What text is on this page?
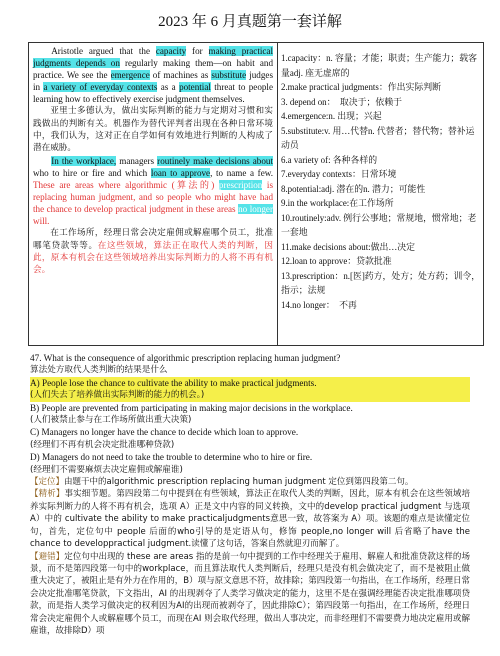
2023 年 6 月真题第一套详解

Aristotle argued that the capacity for making practical judgments depends on regularly making them—on habit and practice. We see the emergence of machines as substitute judges in a variety of everyday contexts as a potential threat to people learning how to effectively exercise judgment themselves.

亚里士多德认为，做出实际判断的能力与定期对习惯和实践做出的判断有关。机器作为替代评判者出现在各种日常环境中，我们认为，这对正在自学如何有效地进行判断的人构成了潜在威胁。

In the workplace, managers routinely make decisions about who to hire or fire and which loan to approve, to name a few. These are areas where algorithmic (算法的) prescription is replacing human judgment, and so people who might have had the chance to develop practical judgment in these areas no longer will.

在工作场所，经理日常会决定雇佣或解雇哪个员工，批准哪笔贷款等等。在这些领域，算法正在取代人类的判断，因此，原本有机会在这些领域培养出实际判断力的人将不再有机会。

1.capacity：n. 容量；才能；职责；生产能力；载客量adj. 座无虚席的
2.make practical judgments：作出实际判断
3. depend on：　取决于；依赖于
4.emergence:n. 出现；兴起
5.substitute:v. 用…代替n. 代替者；替代物；替补运动员
6.a variety of: 各种各样的
7.everyday contexts：日常环境
8.potential:adj. 潜在的n. 潜力；可能性
9.in the workplace:在工作场所
10.routinely:adv. 例行公事地；常规地，惯常地；老一套地
11.make decisions about:做出…决定
12.loan to approve：贷款批准
13.prescription：n.[医]药方，处方；处方药；训令，指示；法规
14.no longer：　不再
47. What is the consequence of algorithmic prescription replacing human judgment?
算法处方取代人类判断的结果是什么
A) People lose the chance to cultivate the ability to make practical judgments.
(人们失去了培养做出实际判断的能力的机会。)
B) People are prevented from participating in making major decisions in the workplace.
(人们被禁止参与在工作场所做出重大决策)
C) Managers no longer have the chance to decide which loan to approve.
(经理们不再有机会决定批准哪种贷款)
D) Managers do not need to take the trouble to determine who to hire or fire.
(经理们不需要麻烦去决定雇佣或解雇谁)
【定位】由题干中的algorithmic prescription replacing human judgment 定位到第四段第二句。
【精析】事实细节题。第四段第二句中提到在有些领域，算法正在取代人类的判断，因此，原本有机会在这些领域培养实际判断力的人将不再有机会，选项 A）正是文中内容的同义转换，文中的develop practical judgment 与选项A）中的 cultivate the ability to make practicaljudgments意思一致，故答案为 A）项。该题的难点是读懂定位句，首先，定位句中 people 后面的who引导的是定语从句，修饰 people,no longer will 后省略了have the chance to developpractical judgment.读懂了这句话，答案自然就迎刃而解了。
【避错】定位句中出现的 these are areas 指的是前一句中提到的工作中经理关于雇用、解雇人和批准贷款这样的场景，而不是第四段第一句中的workplace，而且算法取代人类判断后，经理只是没有机会做决定了，而不是被阻止做重大决定了，被阻止是有外力在作用的，B）项与原文意思不符，故排除；第四段第一句指出，在工作场所，经理日常会决定批准哪笔贷款，下文指出，AI 的出现剥夺了人类学习做决定的能力，这里不是在强调经理能否决定批准哪项贷款，而是指人类学习做决定的权利因为AI的出现而被剥夺了，因此排除C）；第四段第一句指出，在工作场所，经理日常会决定雇佣个人或解雇哪个员工，而现在AI 则会取代经理，做出人事决定，而非经理们不需要费力地决定雇用或解雇谁，故排除D）项
